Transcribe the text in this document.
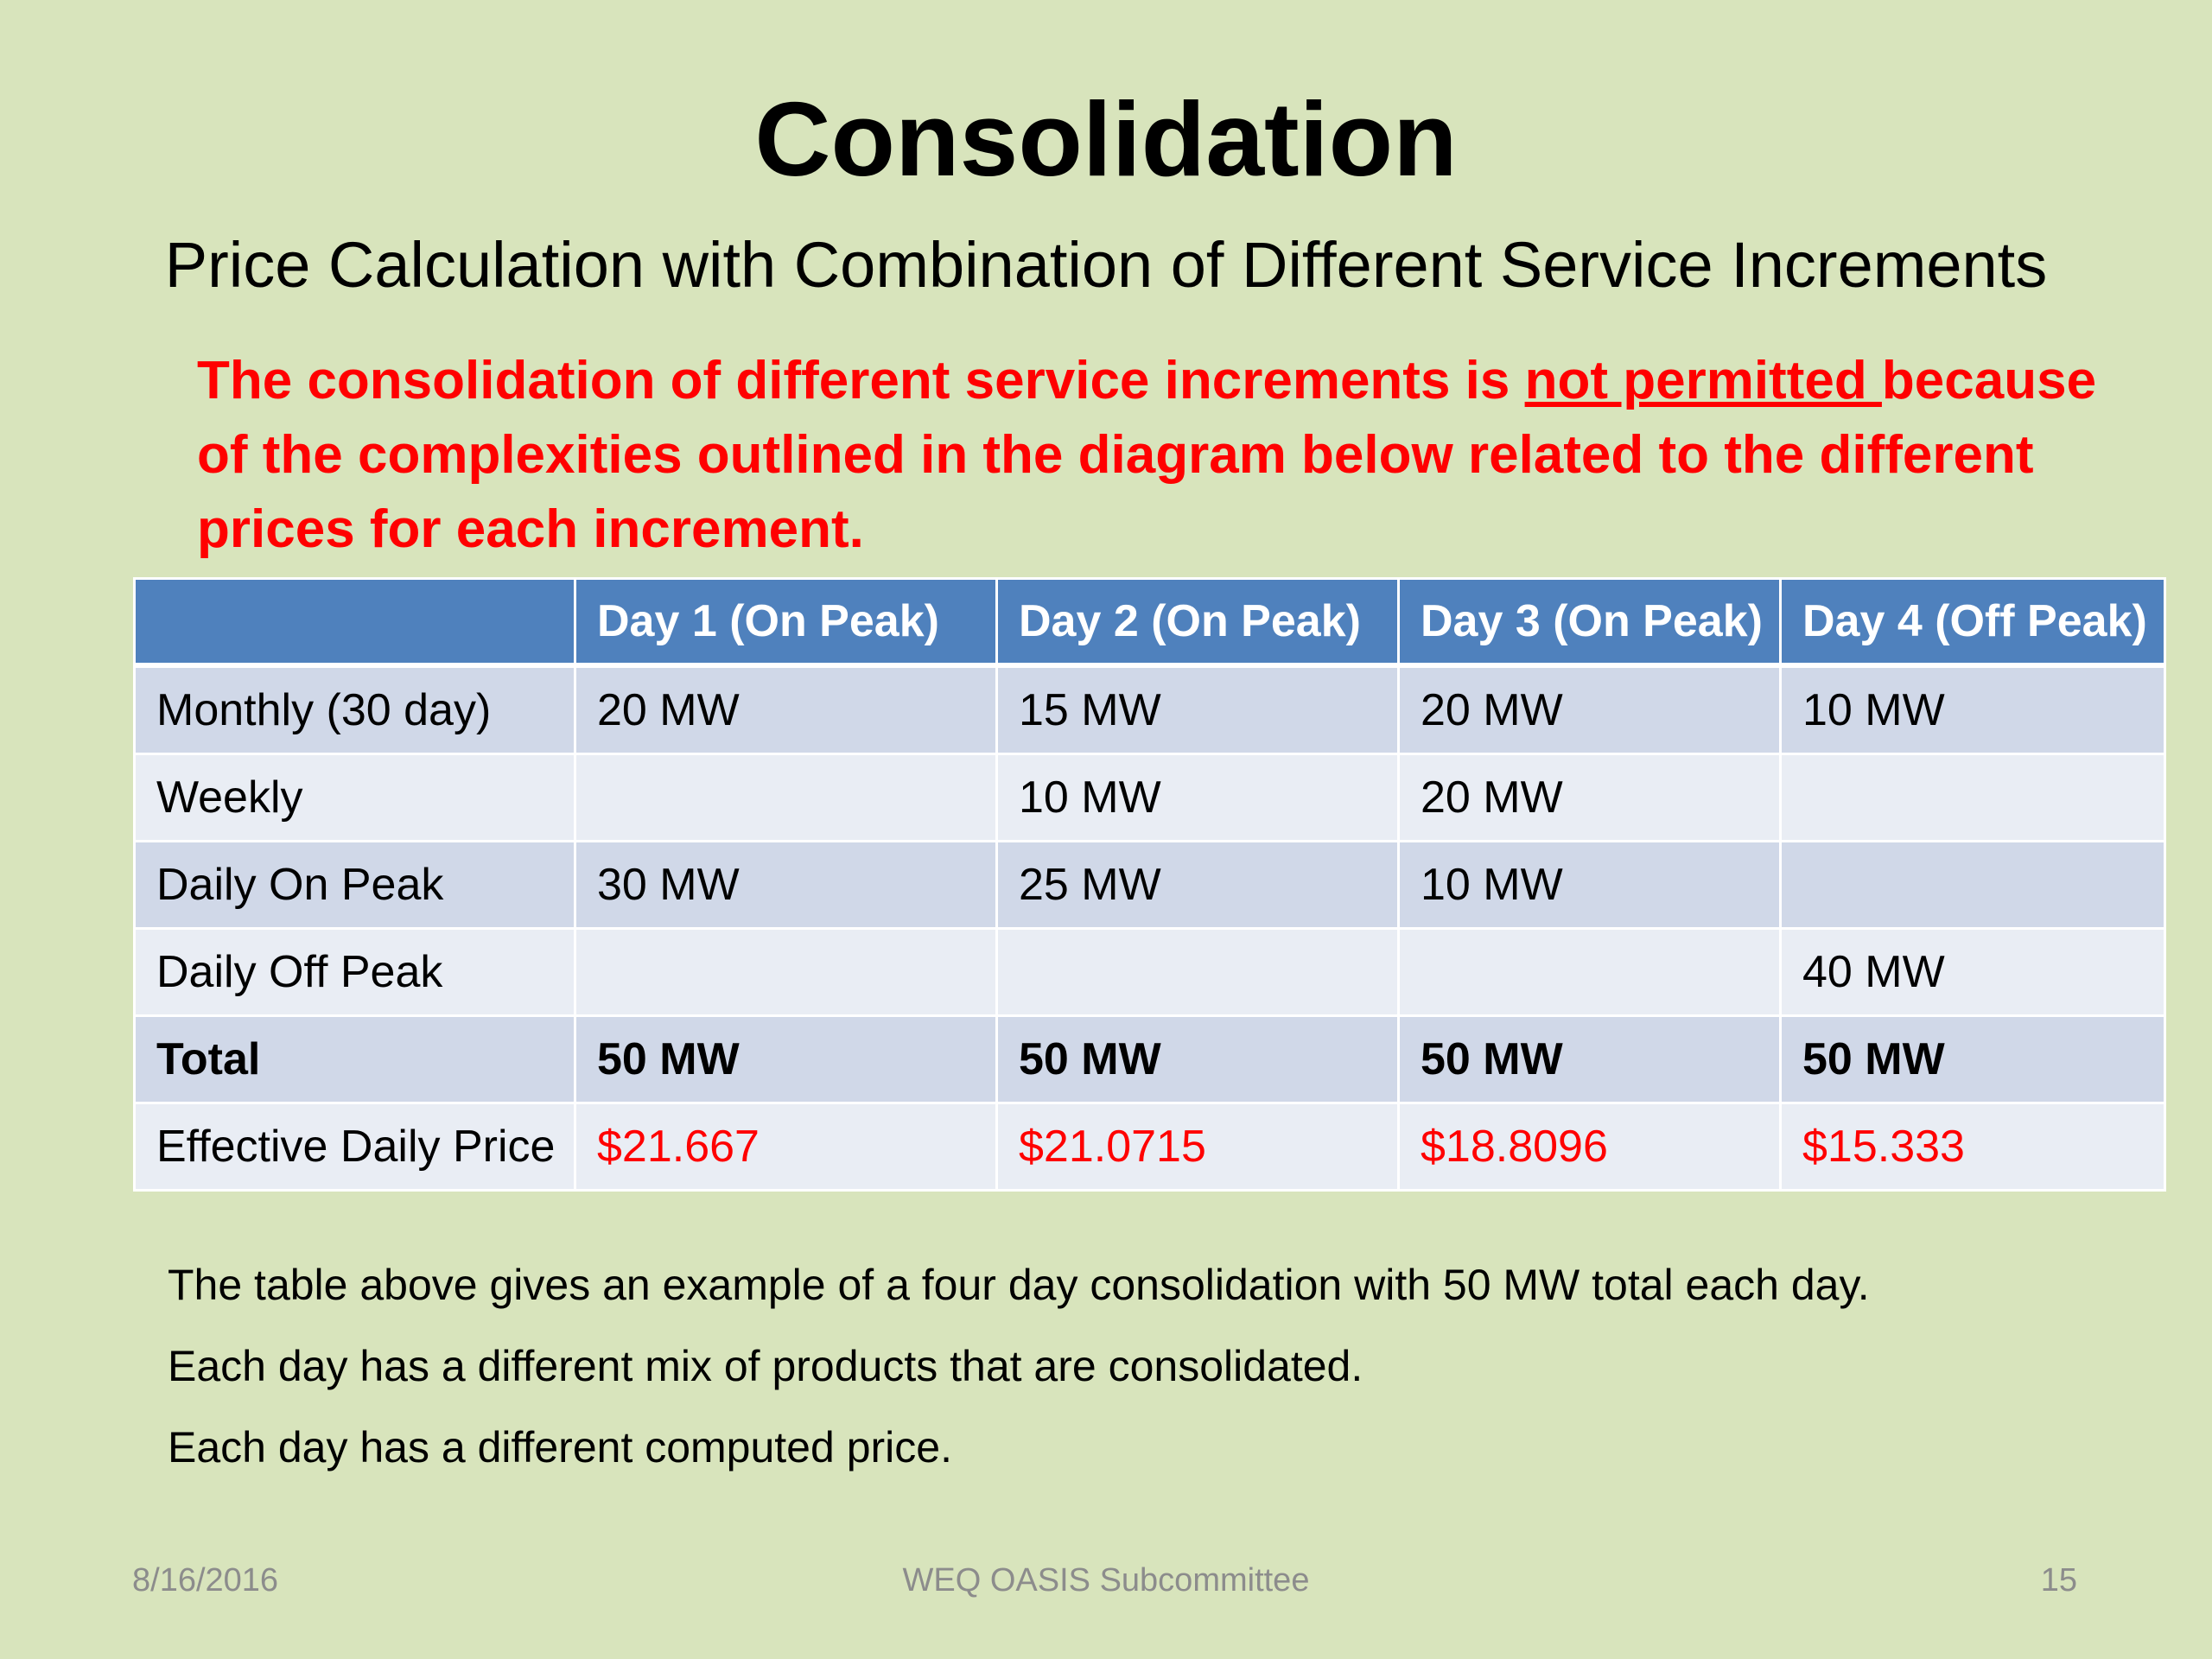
Consolidation
Price Calculation with Combination of Different Service Increments
The consolidation of different service increments is not permitted because of the complexities outlined in the diagram below related to the different prices for each increment.
	Day 1 (On Peak)	Day 2 (On Peak)	Day 3 (On Peak)	Day 4 (Off Peak)
Monthly (30 day)	20 MW	15 MW	20 MW	10 MW
Weekly		10 MW	20 MW	
Daily On Peak	30 MW	25 MW	10 MW	
Daily Off Peak				40 MW
Total	50 MW	50 MW	50 MW	50 MW
Effective Daily Price	$21.667	$21.0715	$18.8096	$15.333

The table above gives an example of a four day consolidation with 50 MW total each day.

Each day has a different mix of products that are consolidated.

Each day has a different computed price.

8/16/2016	WEQ OASIS Subcommittee	15
